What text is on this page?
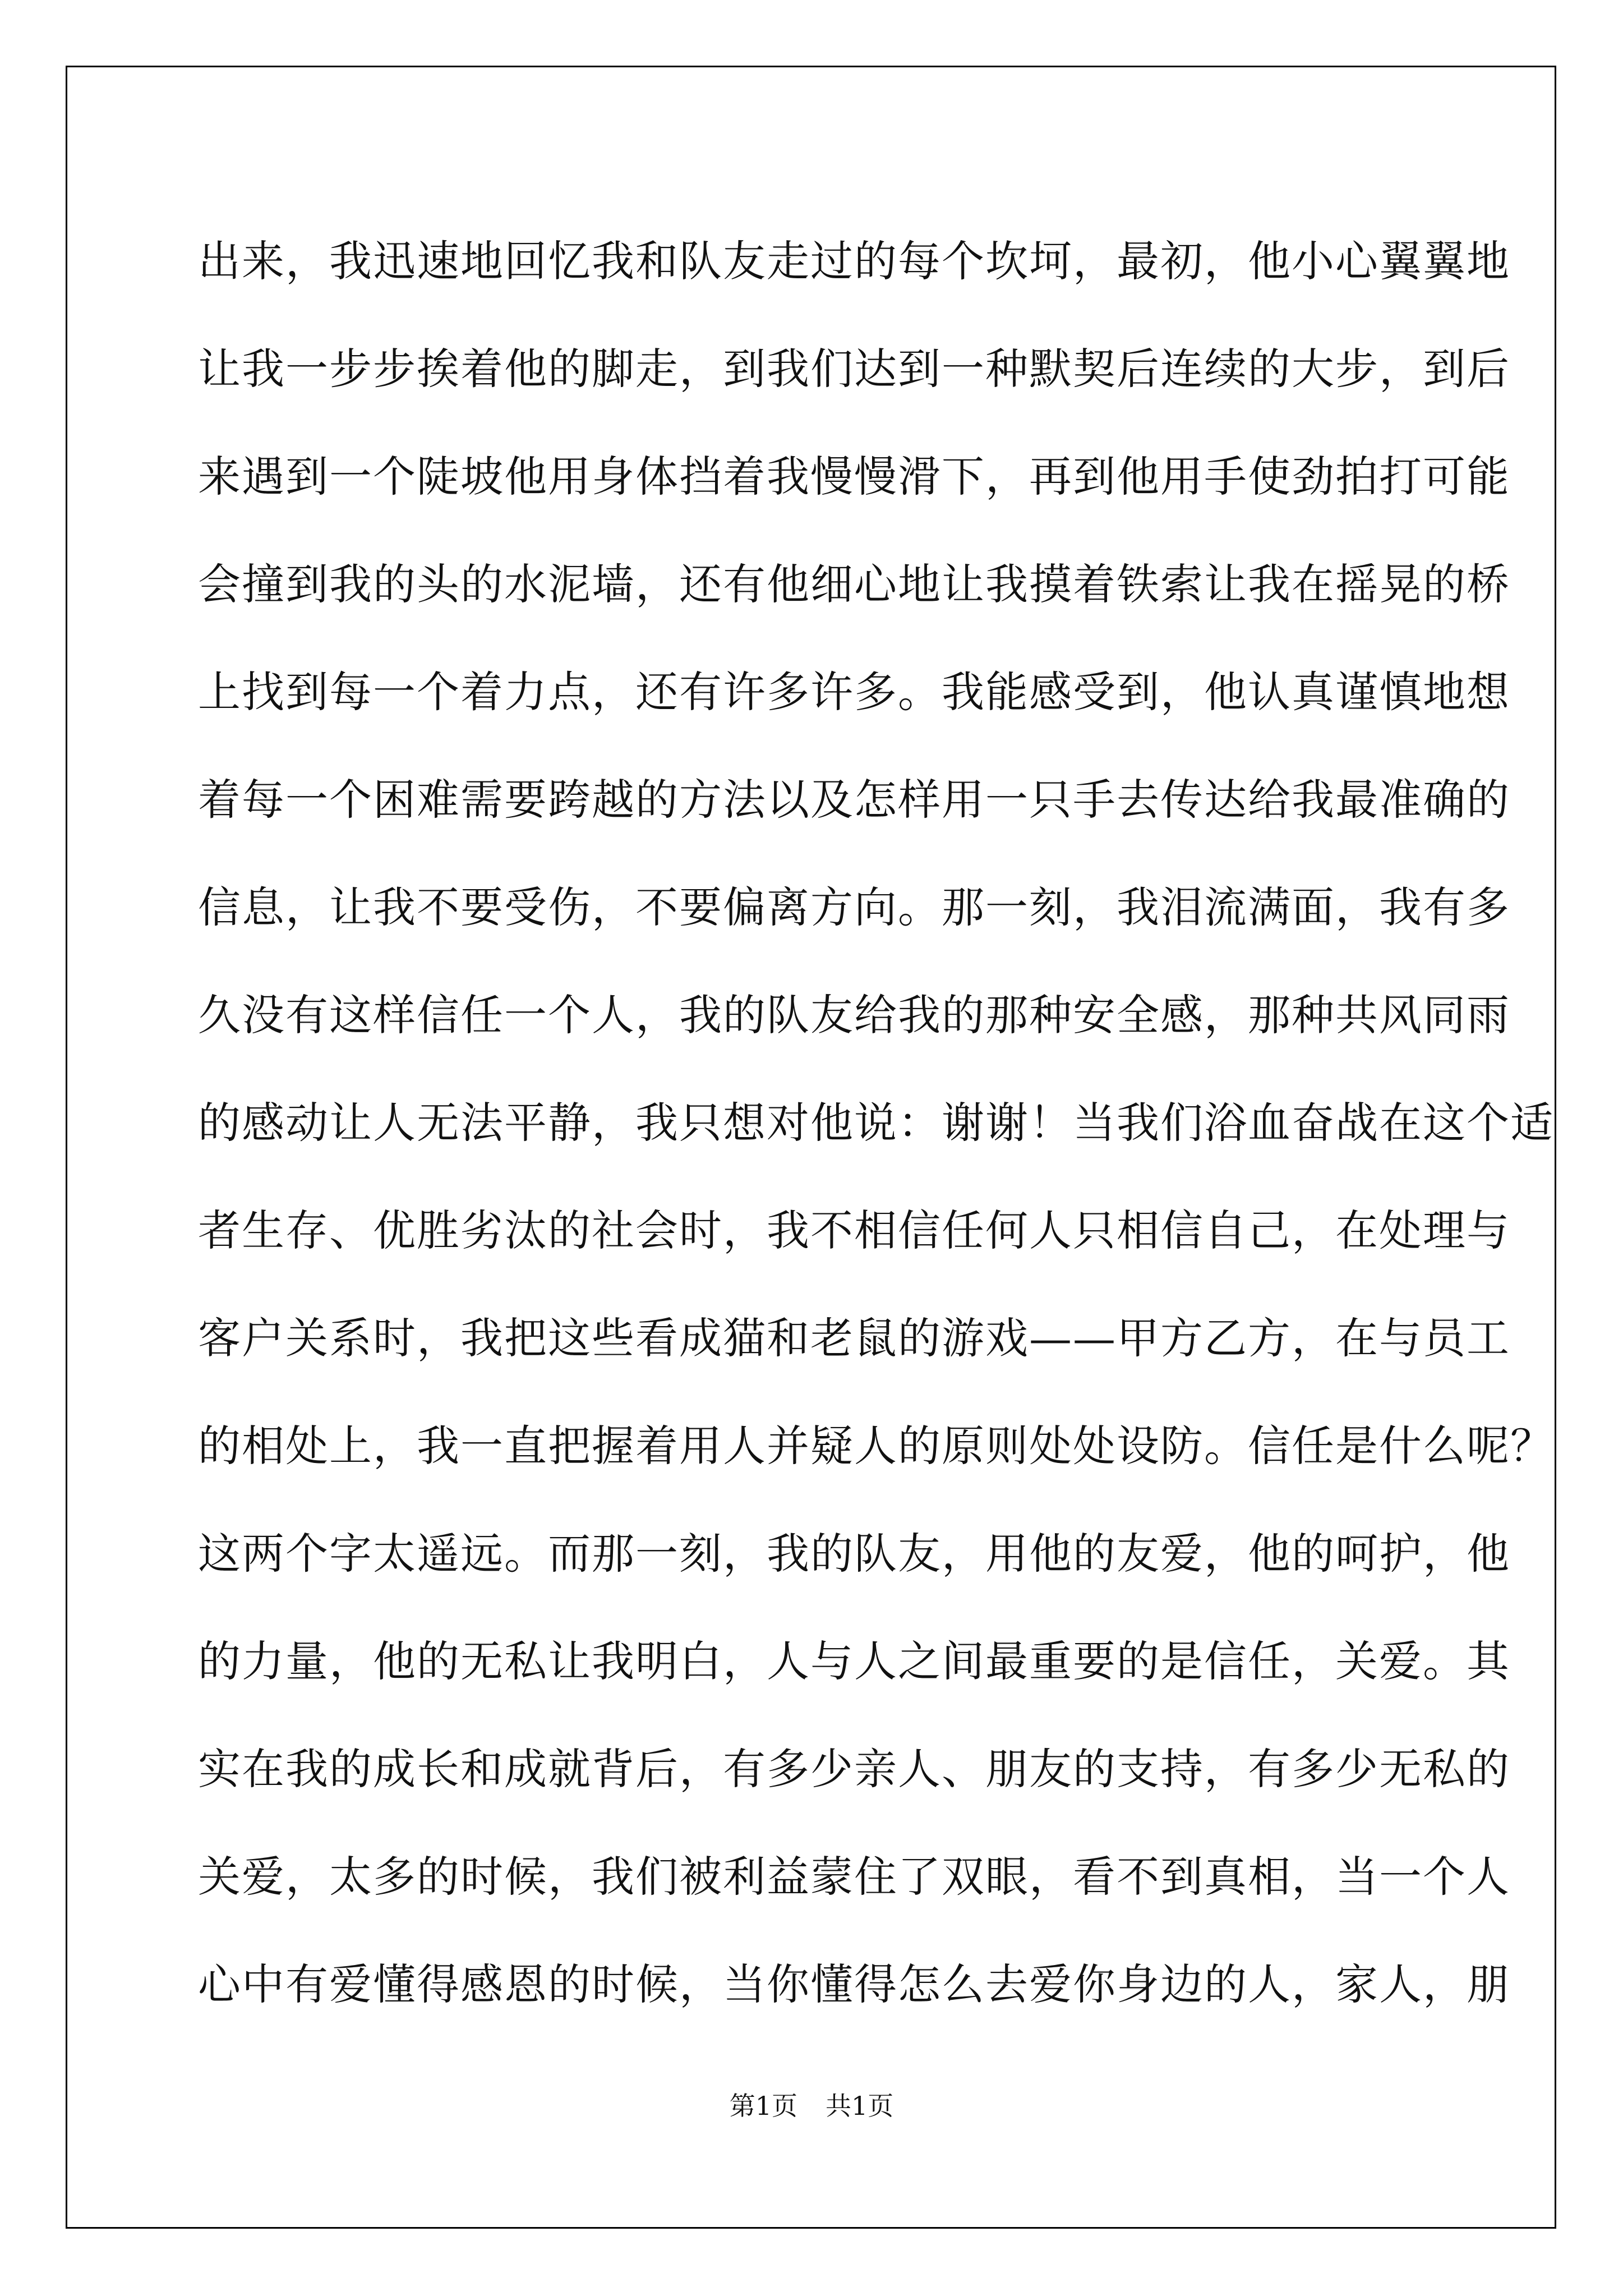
出来，我迅速地回忆我和队友走过的每个坎坷，最初，他小心翼翼地
让我一步步挨着他的脚走，到我们达到一种默契后连续的大步，到后
来遇到一个陡坡他用身体挡着我慢慢滑下，再到他用手使劲拍打可能
会撞到我的头的水泥墙，还有他细心地让我摸着铁索让我在摇晃的桥
上找到每一个着力点，还有许多许多。我能感受到，他认真谨慎地想
着每一个困难需要跨越的方法以及怎样用一只手去传达给我最准确的
信息，让我不要受伤，不要偏离方向。那一刻，我泪流满面，我有多
久没有这样信任一个人，我的队友给我的那种安全感，那种共风同雨
的感动让人无法平静，我只想对他说：谢谢！当我们浴血奋战在这个适
者生存、优胜劣汰的社会时，我不相信任何人只相信自己，在处理与
客户关系时，我把这些看成猫和老鼠的游戏——甲方乙方，在与员工
的相处上，我一直把握着用人并疑人的原则处处设防。信任是什么呢？
这两个字太遥远。而那一刻，我的队友，用他的友爱，他的呵护，他
的力量，他的无私让我明白，人与人之间最重要的是信任，关爱。其
实在我的成长和成就背后，有多少亲人、朋友的支持，有多少无私的
关爱，太多的时候，我们被利益蒙住了双眼，看不到真相，当一个人
心中有爱懂得感恩的时候，当你懂得怎么去爱你身边的人，家人，朋
第1页 共1页
